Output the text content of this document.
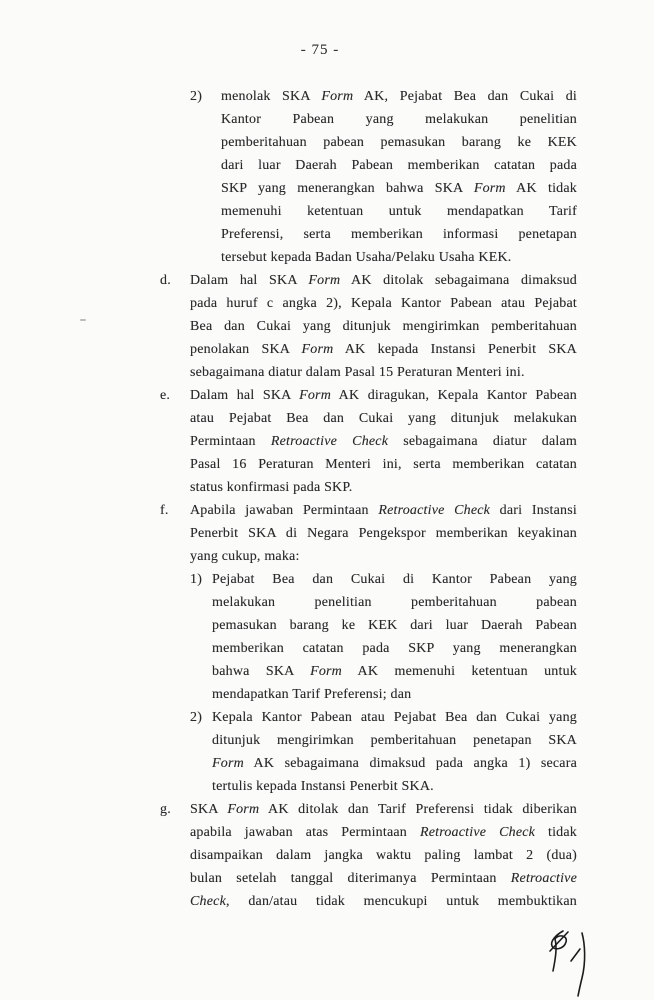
- 75 -
2) menolak SKA Form AK, Pejabat Bea dan Cukai di
Kantor Pabean yang melakukan penelitian
pemberitahuan pabean pemasukan barang ke KEK
dari luar Daerah Pabean memberikan catatan pada
SKP yang menerangkan bahwa SKA Form AK tidak
memenuhi ketentuan untuk mendapatkan Tarif
Preferensi, serta memberikan informasi penetapan
tersebut kepada Badan Usaha/Pelaku Usaha KEK.
d. Dalam hal SKA Form AK ditolak sebagaimana dimaksud
pada huruf c angka 2), Kepala Kantor Pabean atau Pejabat
Bea dan Cukai yang ditunjuk mengirimkan pemberitahuan
penolakan SKA Form AK kepada Instansi Penerbit SKA
sebagaimana diatur dalam Pasal 15 Peraturan Menteri ini.
e. Dalam hal SKA Form AK diragukan, Kepala Kantor Pabean
atau Pejabat Bea dan Cukai yang ditunjuk melakukan
Permintaan Retroactive Check sebagaimana diatur dalam
Pasal 16 Peraturan Menteri ini, serta memberikan catatan
status konfirmasi pada SKP.
f. Apabila jawaban Permintaan Retroactive Check dari Instansi
Penerbit SKA di Negara Pengekspor memberikan keyakinan
yang cukup, maka:
1) Pejabat Bea dan Cukai di Kantor Pabean yang
melakukan penelitian pemberitahuan pabean
pemasukan barang ke KEK dari luar Daerah Pabean
memberikan catatan pada SKP yang menerangkan
bahwa SKA Form AK memenuhi ketentuan untuk
mendapatkan Tarif Preferensi; dan
2) Kepala Kantor Pabean atau Pejabat Bea dan Cukai yang
ditunjuk mengirimkan pemberitahuan penetapan SKA
Form AK sebagaimana dimaksud pada angka 1) secara
tertulis kepada Instansi Penerbit SKA.
g. SKA Form AK ditolak dan Tarif Preferensi tidak diberikan
apabila jawaban atas Permintaan Retroactive Check tidak
disampaikan dalam jangka waktu paling lambat 2 (dua)
bulan setelah tanggal diterimanya Permintaan Retroactive
Check, dan/atau tidak mencukupi untuk membuktikan
